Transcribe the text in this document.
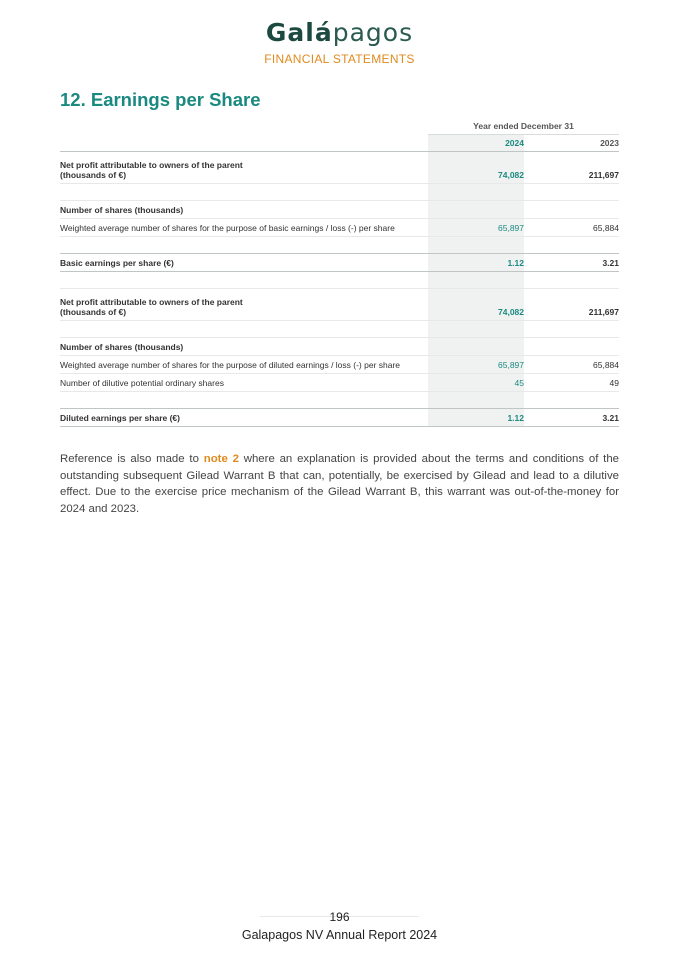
Galápagos
FINANCIAL STATEMENTS
12. Earnings per Share
	Year ended December 31	
	2024	2023
Net profit attributable to owners of the parent
(thousands of €)	74,082	211,697

Number of shares (thousands)		
Weighted average number of shares for the purpose of basic earnings / loss (-) per share	65,897	65,884

Basic earnings per share (€)	1.12	3.21

Net profit attributable to owners of the parent
(thousands of €)	74,082	211,697

Number of shares (thousands)		
Weighted average number of shares for the purpose of diluted earnings / loss (-) per share	65,897	65,884
Number of dilutive potential ordinary shares	45	49

Diluted earnings per share (€)	1.12	3.21

Reference is also made to note 2 where an explanation is provided about the terms and conditions of the outstanding subsequent Gilead Warrant B that can, potentially, be exercised by Gilead and lead to a dilutive effect. Due to the exercise price mechanism of the Gilead Warrant B, this warrant was out-of-the-money for 2024 and 2023.

196
Galapagos NV Annual Report 2024
